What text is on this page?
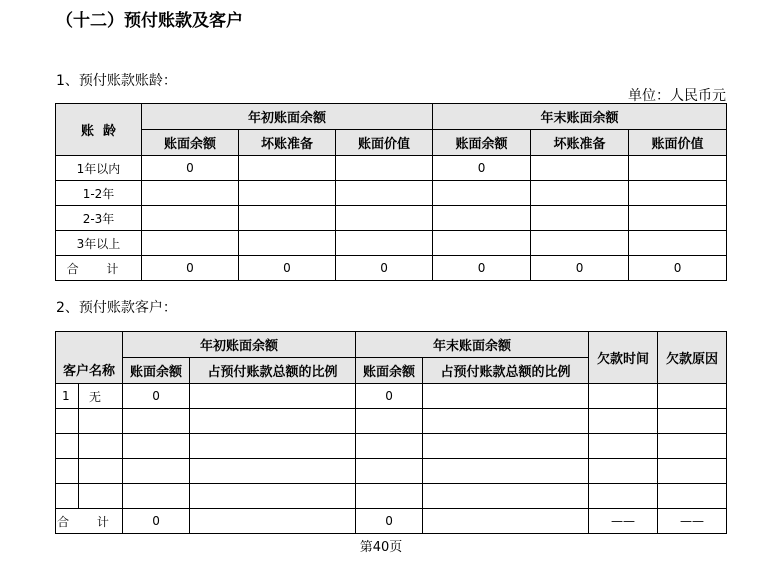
（十二）预付账款及客户
1、预付账款账龄：
单位：人民币元
账  龄	年初账面余额			年末账面余额		
	账面余额	坏账准备	账面价值	账面余额	坏账准备	账面价值
1年以内	0			0		
1-2年						
2-3年						
3年以上						
合 计	0	0	0	0	0	0
2、预付账款客户：
客户名称		年初账面余额		年末账面余额		欠款时间	欠款原因
		账面余额	占预付账款总额的比例	账面余额	占预付账款总额的比例		
1	无	0		0			

合 计		0		0		——	——
第40页
